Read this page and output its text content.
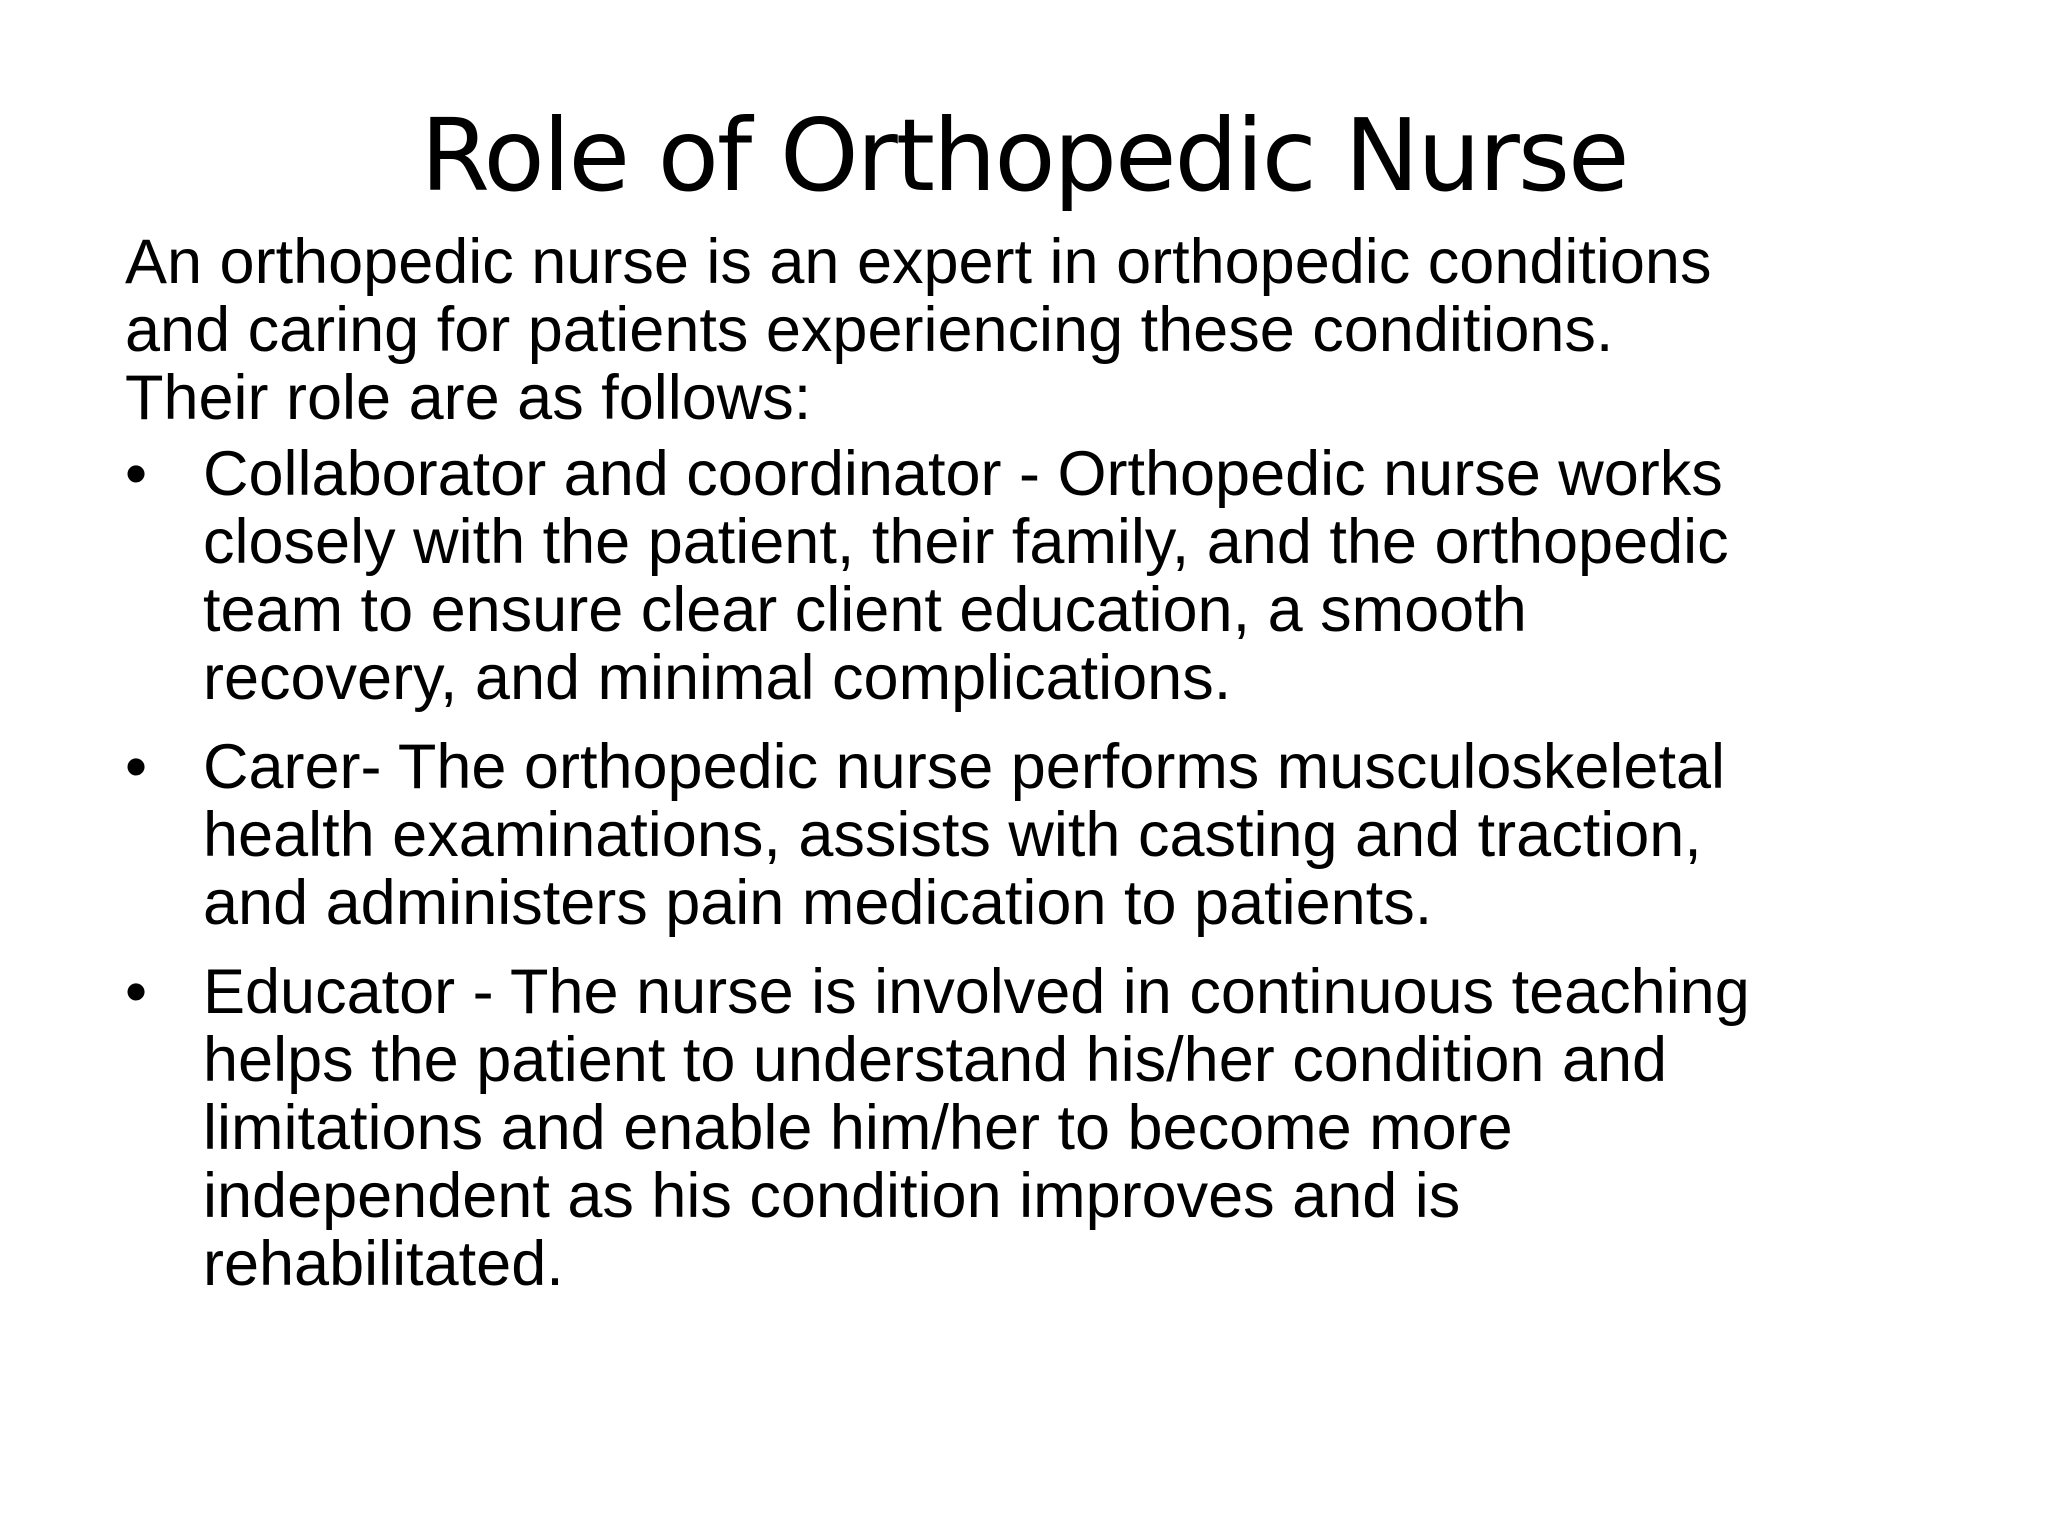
Role of Orthopedic Nurse

An orthopedic nurse is an expert in orthopedic conditions
and caring for patients experiencing these conditions.
Their role are as follows:

• Collaborator and coordinator - Orthopedic nurse works
closely with the patient, their family, and the orthopedic
team to ensure clear client education, a smooth
recovery, and minimal complications.
• Carer- The orthopedic nurse performs musculoskeletal
health examinations, assists with casting and traction,
and administers pain medication to patients.
• Educator - The nurse is involved in continuous teaching
helps the patient to understand his/her condition and
limitations and enable him/her to become more
independent as his condition improves and is
rehabilitated.
